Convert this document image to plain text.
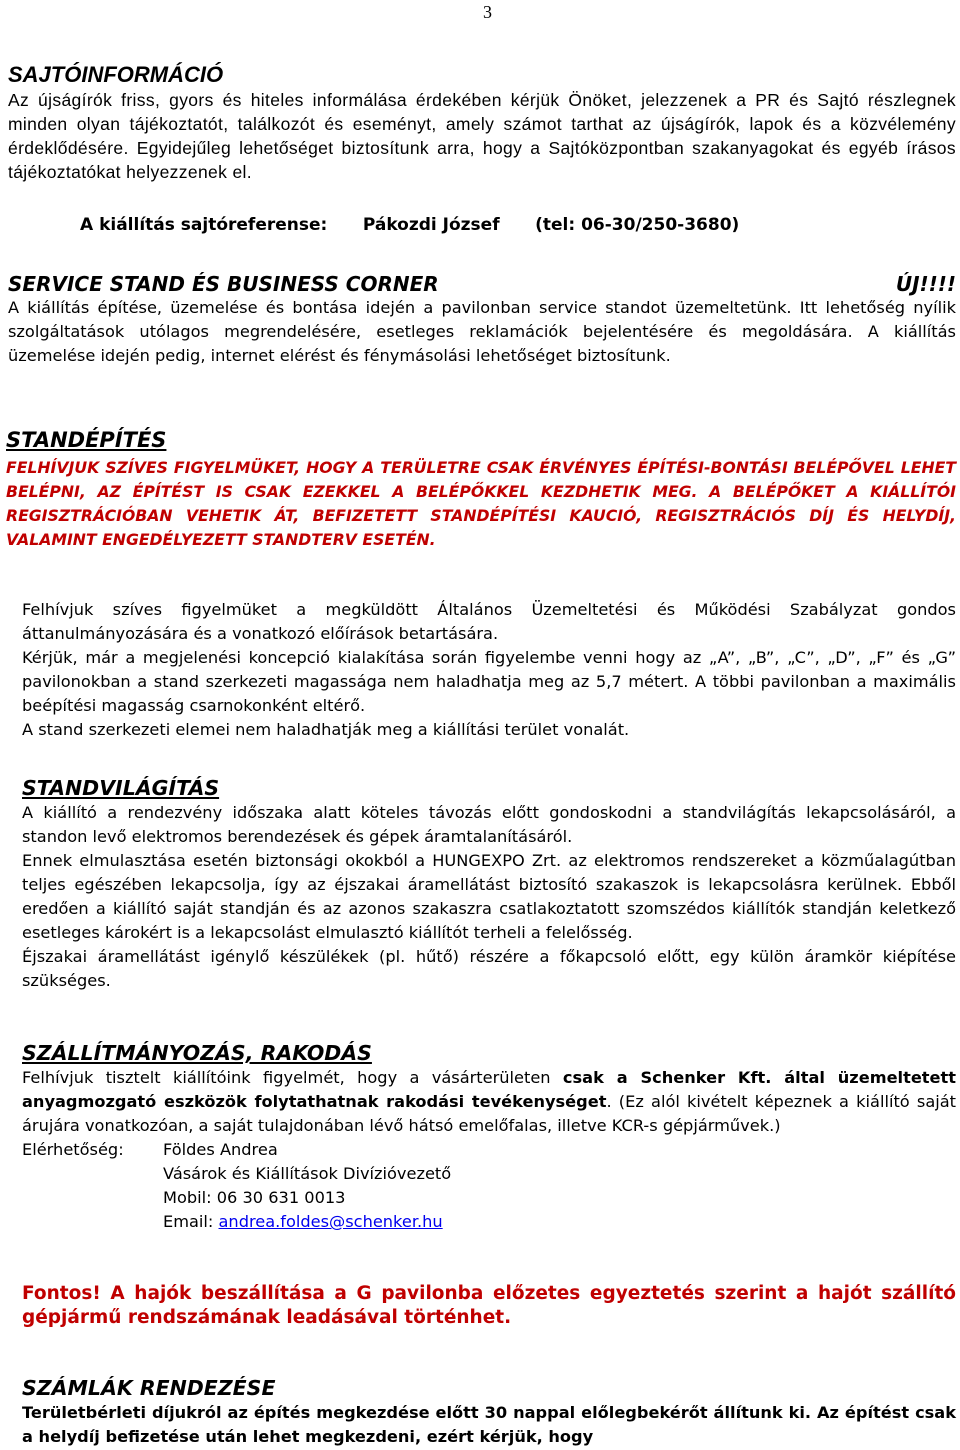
3
SAJTÓINFORMÁCIÓ

Az újságírók friss, gyors és hiteles informálása érdekében kérjük Önöket, jelezzenek a PR és Sajtó részlegnek minden olyan tájékoztatót, találkozót és eseményt, amely számot tarthat az újságírók, lapok és a közvélemény érdeklődésére. Egyidejűleg lehetőséget biztosítunk arra, hogy a Sajtóközpontban szakanyagokat és egyéb írásos tájékoztatókat helyezzenek el.

A kiállítás sajtóreferense: Pákozdi József (tel: 06-30/250-3680)
SERVICE STAND ÉS BUSINESS CORNER	ÚJ!!!!

A kiállítás építése, üzemelése és bontása idején a pavilonban service standot üzemeltetünk. Itt lehetőség nyílik szolgáltatások utólagos megrendelésére, esetleges reklamációk bejelentésére és megoldására. A kiállítás üzemelése idején pedig, internet elérést és fénymásolási lehetőséget biztosítunk.

STANDÉPÍTÉS

FELHÍVJUK SZÍVES FIGYELMÜKET, HOGY A TERÜLETRE CSAK ÉRVÉNYES ÉPÍTÉSI-BONTÁSI BELÉPŐVEL LEHET BELÉPNI, AZ ÉPÍTÉST IS CSAK EZEKKEL A BELÉPŐKKEL KEZDHETIK MEG. A BELÉPŐKET A KIÁLLÍTÓI REGISZTRÁCIÓBAN VEHETIK ÁT, BEFIZETETT STANDÉPÍTÉSI KAUCIÓ, REGISZTRÁCIÓS DÍJ ÉS HELYDÍJ, VALAMINT ENGEDÉLYEZETT STANDTERV ESETÉN.

Felhívjuk szíves figyelmüket a megküldött Általános Üzemeltetési és Működési Szabályzat gondos áttanulmányozására és a vonatkozó előírások betartására.

Kérjük, már a megjelenési koncepció kialakítása során figyelembe venni hogy az „A”, „B”, „C”, „D”, „F” és „G” pavilonokban a stand szerkezeti magassága nem haladhatja meg az 5,7 métert. A többi pavilonban a maximális beépítési magasság csarnokonként eltérő.

A stand szerkezeti elemei nem haladhatják meg a kiállítási terület vonalát.

STANDVILÁGÍTÁS

A kiállító a rendezvény időszaka alatt köteles távozás előtt gondoskodni a standvilágítás lekapcsolásáról, a standon levő elektromos berendezések és gépek áramtalanításáról.

Ennek elmulasztása esetén biztonsági okokból a HUNGEXPO Zrt. az elektromos rendszereket a közműalagútban teljes egészében lekapcsolja, így az éjszakai áramellátást biztosító szakaszok is lekapcsolásra kerülnek. Ebből eredően a kiállító saját standján és az azonos szakaszra csatlakoztatott szomszédos kiállítók standján keletkező esetleges károkért is a lekapcsolást elmulasztó kiállítót terheli a felelősség.

Éjszakai áramellátást igénylő készülékek (pl. hűtő) részére a főkapcsoló előtt, egy külön áramkör kiépítése szükséges.

SZÁLLÍTMÁNYOZÁS, RAKODÁS

Felhívjuk tisztelt kiállítóink figyelmét, hogy a vásárterületen csak a Schenker Kft. által üzemeltetett anyagmozgató eszközök folytathatnak rakodási tevékenységet. (Ez alól kivételt képeznek a kiállító saját árujára vonatkozóan, a saját tulajdonában lévő hátsó emelőfalas, illetve KCR-s gépjárművek.)

Elérhetőség:	Földes Andrea
Vásárok és Kiállítások Divízióvezető
Mobil: 06 30 631 0013
Email: andrea.foldes@schenker.hu

Fontos! A hajók beszállítása a G pavilonba előzetes egyeztetés szerint a hajót szállító gépjármű rendszámának leadásával történhet.

SZÁMLÁK RENDEZÉSE

Területbérleti díjukról az építés megkezdése előtt 30 nappal előlegbekérőt állítunk ki. Az építést csak a helydíj befizetése után lehet megkezdeni, ezért kérjük, hogy
